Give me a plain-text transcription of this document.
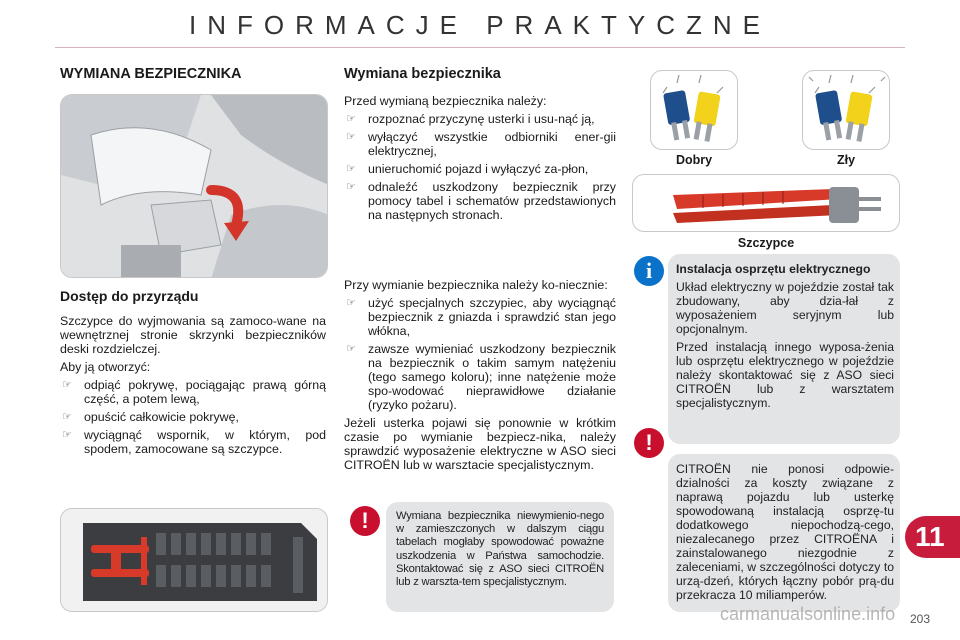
INFORMACJE PRAKTYCZNE
WYMIANA BEZPIECZNIKA
Dostęp do przyrządu

Szczypce do wyjmowania są zamoco-wane na wewnętrznej stronie skrzynki bezpieczników deski rozdzielczej.

Aby ją otworzyć:

☞ odpiąć pokrywę, pociągając prawą górną część, a potem lewą,
☞ opuścić całkowicie pokrywę,
☞ wyciągnąć wspornik, w którym, pod spodem, zamocowane są szczypce.
Wymiana bezpiecznika

Przed wymianą bezpiecznika należy:

☞ rozpoznać przyczynę usterki i usu-nąć ją,
☞ wyłączyć wszystkie odbiorniki ener-gii elektrycznej,
☞ unieruchomić pojazd i wyłączyć za-płon,
☞ odnaleźć uszkodzony bezpiecznik przy pomocy tabel i schematów przedstawionych na następnych stronach.

Przy wymianie bezpiecznika należy ko-niecznie:

☞ użyć specjalnych szczypiec, aby wyciągnąć bezpiecznik z gniazda i sprawdzić stan jego włókna,
☞ zawsze wymieniać uszkodzony bezpiecznik na bezpiecznik o takim samym natężeniu (tego samego koloru); inne natężenie może spo-wodować nieprawidłowe działanie (ryzyko pożaru).

Jeżeli usterka pojawi się ponownie w krótkim czasie po wymianie bezpiecz-nika, należy sprawdzić wyposażenie elektryczne w ASO sieci CITROËN lub w warsztacie specjalistycznym.

!	Wymiana bezpiecznika niewymienio-nego w zamieszczonych w dalszym ciągu tabelach mogłaby spowodować poważne uszkodzenia w Państwa samochodzie. Skontaktować się z ASO sieci CITROËN lub z warszta-tem specjalistycznym.
Dobry	Zły
Szczypce
i	Instalacja osprzętu elektrycznego

Układ elektryczny w pojeździe został tak zbudowany, aby dzia-łał z wyposażeniem seryjnym lub opcjonalnym.

Przed instalacją innego wyposa-żenia lub osprzętu elektrycznego w pojeździe należy skontaktować się z ASO sieci CITROËN lub z warsztatem specjalistycznym.

!
CITROËN nie ponosi odpowie-dzialności za koszty związane z naprawą pojazdu lub usterkę spowodowaną instalacją osprzę-tu dodatkowego niepochodzą-cego, niezalecanego przez CITROËNA i zainstalowanego niezgodnie z zaleceniami, w szczególności dotyczy to urzą-dzeń, których łączny pobór prą-du przekracza 10 miliamperów.
11
carmanualsonline.info 203
